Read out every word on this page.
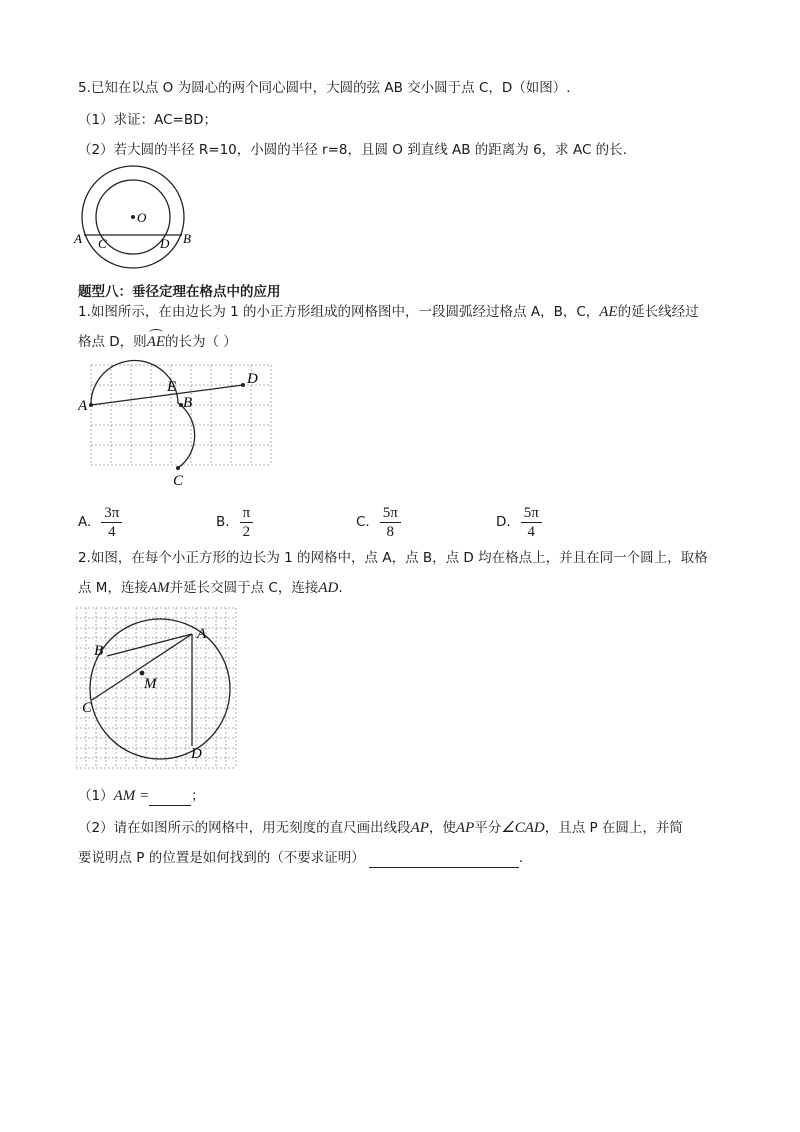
5.已知在以点 O 为圆心的两个同心圆中，大圆的弦 AB 交小圆于点 C，D（如图）.
（1）求证：AC=BD；
（2）若大圆的半径 R=10，小圆的半径 r=8，且圆 O 到直线 AB 的距离为 6，求 AC 的长.
O
A	B
C	D
题型八：垂径定理在格点中的应用
1.如图所示，在由边长为 1 的小正方形组成的网格图中，一段圆弧经过格点 A，B，C，AE的延长线经过
格点 D，则AE的长为（ ）
A	B
C
D
E
A. $\frac{3\pi}{4}$	B. $\frac{\pi}{2}$	C. $\frac{5\pi}{8}$	D. $\frac{5\pi}{4}$
2.如图，在每个小正方形的边长为 1 的网格中，点 A，点 B，点 D 均在格点上，并且在同一个圆上，取格
点 M，连接AM并延长交圆于点 C，连接AD.
A
B
C
D
M
（1）AM =	；
（2）请在如图所示的网格中，用无刻度的直尺画出线段AP，使AP平分∠CAD，且点 P 在圆上，并简
要说明点 P 的位置是如何找到的（不要求证明）	.
